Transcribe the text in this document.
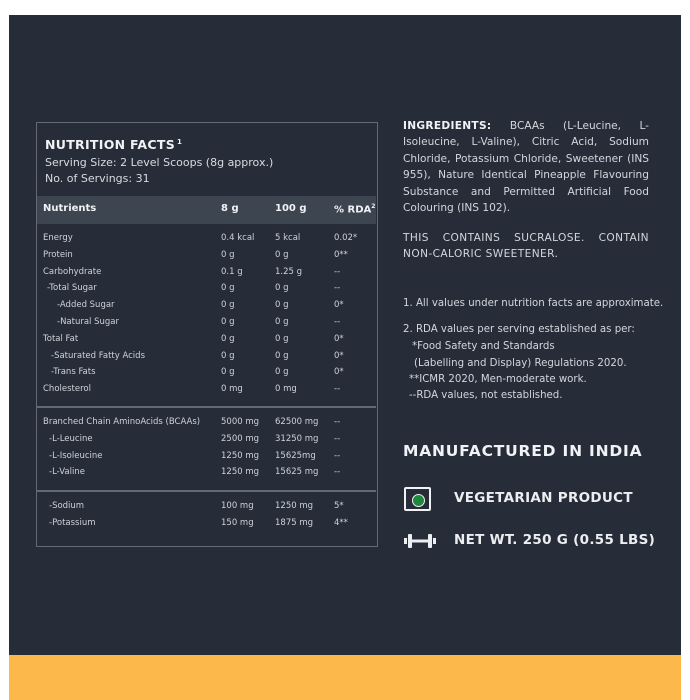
NUTRITION FACTS $^1$
Serving Size: 2 Level Scoops (8g approx.)
No. of Servings: 31
Nutrients	8 g	100 g	% RDA$^2$
Energy	0.4 kcal 5 kcal	0.02*
Protein	0 g	0 g	0**
Carbohydrate	0.1 g	1.25 g	--
-Total Sugar	0 g	0 g	--
-Added Sugar	0 g	0 g	0*
-Natural Sugar	0 g	0 g	--
Total Fat	0 g	0 g	0*
-Saturated Fatty Acids	0 g	0 g	0*
-Trans Fats	0 g	0 g	0*
Cholesterol	0 mg	0 mg	--
Branched Chain AminoAcids (BCAAs) 5000 mg 62500 mg --
-L-Leucine	2500 mg 31250 mg --
-L-Isoleucine	1250 mg 15625mg --
-L-Valine	1250 mg 15625 mg --
-Sodium	100 mg	1250 mg 5*
-Potassium	150 mg	1875 mg 4**
INGREDIENTS: BCAAs (L-Leucine, L-Isoleucine, L-Valine), Citric Acid, Sodium Chloride, Potassium Chloride, Sweetener (INS 955), Nature Identical Pineapple Flavouring Substance and Permitted Artificial Food Colouring (INS 102).
THIS CONTAINS SUCRALOSE. CONTAIN NON-CALORIC SWEETENER.
1. All values under nutrition facts are approximate.
2. RDA values per serving established as per:
*Food Safety and Standards
(Labelling and Display) Regulations 2020.
**ICMR 2020, Men-moderate work.
--RDA values, not established.
MANUFACTURED IN INDIA
VEGETARIAN PRODUCT
NET WT. 250 G (0.55 LBS)
